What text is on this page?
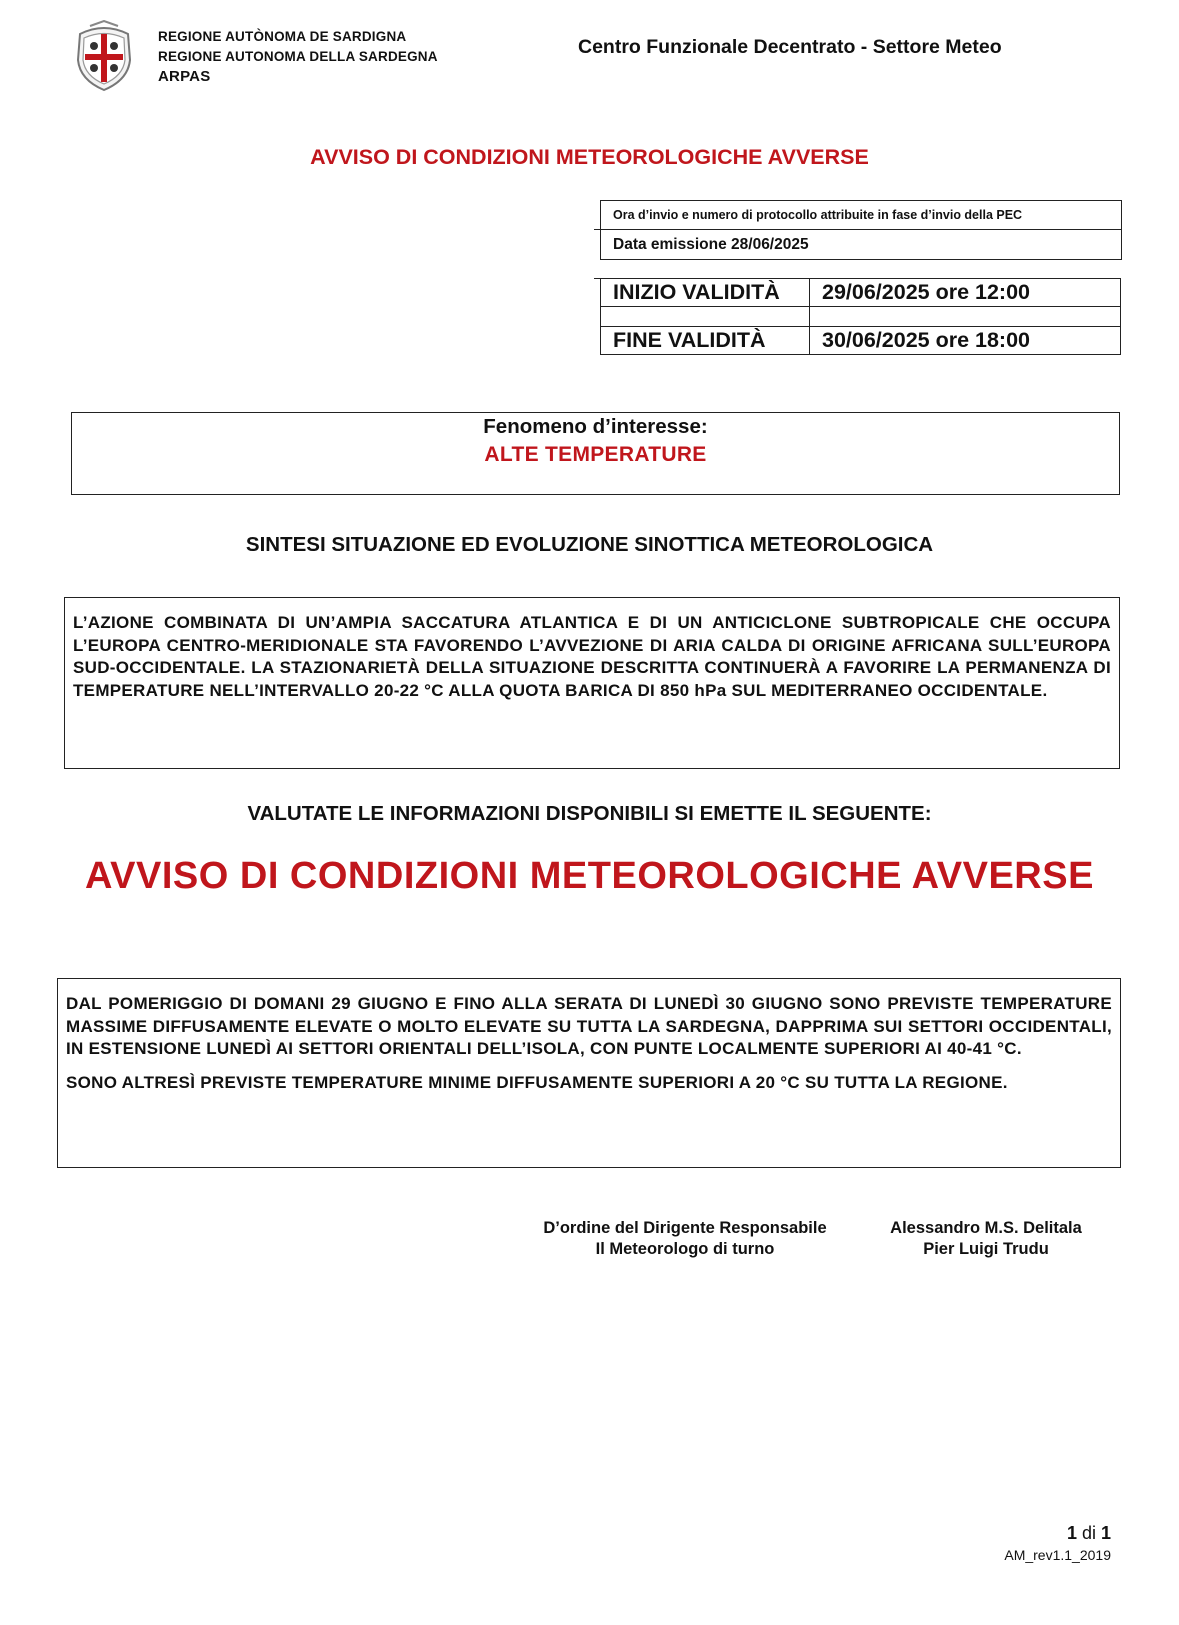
REGIONE AUTÒNOMA DE SARDIGNA
REGIONE AUTONOMA DELLA SARDEGNA
ARPAS
Centro Funzionale Decentrato - Settore Meteo
AVVISO DI CONDIZIONI METEOROLOGICHE AVVERSE
Ora d’invio e numero di protocollo attribuite in fase d’invio della PEC
Data emissione 28/06/2025
INIZIO VALIDITÀ	29/06/2025 ore 12:00

FINE VALIDITÀ	30/06/2025 ore 18:00
Fenomeno d’interesse:
ALTE TEMPERATURE
SINTESI SITUAZIONE ED EVOLUZIONE SINOTTICA METEOROLOGICA
L’AZIONE COMBINATA DI UN’AMPIA SACCATURA ATLANTICA E DI UN ANTICICLONE SUBTROPICALE CHE OCCUPA L’EUROPA CENTRO-MERIDIONALE STA FAVORENDO L’AVVEZIONE DI ARIA CALDA DI ORIGINE AFRICANA SULL’EUROPA SUD-OCCIDENTALE. LA STAZIONARIETÀ DELLA SITUAZIONE DESCRITTA CONTINUERÀ A FAVORIRE LA PERMANENZA DI TEMPERATURE NELL’INTERVALLO 20-22 °C ALLA QUOTA BARICA DI 850 hPa SUL MEDITERRANEO OCCIDENTALE.
VALUTATE LE INFORMAZIONI DISPONIBILI SI EMETTE IL SEGUENTE:
AVVISO DI CONDIZIONI METEOROLOGICHE AVVERSE
DAL POMERIGGIO DI DOMANI 29 GIUGNO E FINO ALLA SERATA DI LUNEDÌ 30 GIUGNO SONO PREVISTE TEMPERATURE MASSIME DIFFUSAMENTE ELEVATE O MOLTO ELEVATE SU TUTTA LA SARDEGNA, DAPPRIMA SUI SETTORI OCCIDENTALI, IN ESTENSIONE LUNEDÌ AI SETTORI ORIENTALI DELL’ISOLA, CON PUNTE LOCALMENTE SUPERIORI AI 40-41 °C.
SONO ALTRESÌ PREVISTE TEMPERATURE MINIME DIFFUSAMENTE SUPERIORI A 20 °C SU TUTTA LA REGIONE.
D’ordine del Dirigente Responsabile
Il Meteorologo di turno
Alessandro M.S. Delitala
Pier Luigi Trudu
1 di 1
AM_rev1.1_2019
